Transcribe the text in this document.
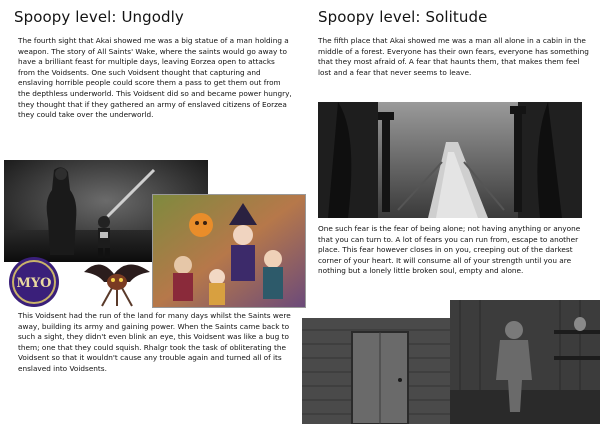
Spoopy level: Ungodly
The fourth sight that Akai showed me was a big statue of a man holding a weapon. The story of All Saints' Wake, where the saints would go away to have a brilliant feast for multiple days, leaving Eorzea open to attacks from the Voidsents. One such Voidsent thought that capturing and enslaving horrible people could score them a pass to get them out from the depthless underworld. This Voidsent did so and became power hungry, they thought that if they gathered an army of enslaved citizens of Eorzea they could take over the underworld.
MYO
This Voidsent had the run of the land for many days whilst the Saints were away, building its army and gaining power. When the Saints came back to such a sight, they didn't even blink an eye, this Voidsent was like a bug to them; one that they could squish. Rhalgr took the task of obliterating the Voidsent so that it wouldn't cause any trouble again and turned all of its enslaved into Voidsents.
Spoopy level: Solitude
The fifth place that Akai showed me was a man all alone in a cabin in the middle of a forest. Everyone has their own fears, everyone has something that they most afraid of. A fear that haunts them, that makes them feel lost and a fear that never seems to leave.
One such fear is the fear of being alone; not having anything or anyone that you can turn to. A lot of fears you can run from, escape to another place. This fear however closes in on you, creeping out of the darkest corner of your heart. It will consume all of your strength until you are nothing but a lonely little broken soul, empty and alone.
